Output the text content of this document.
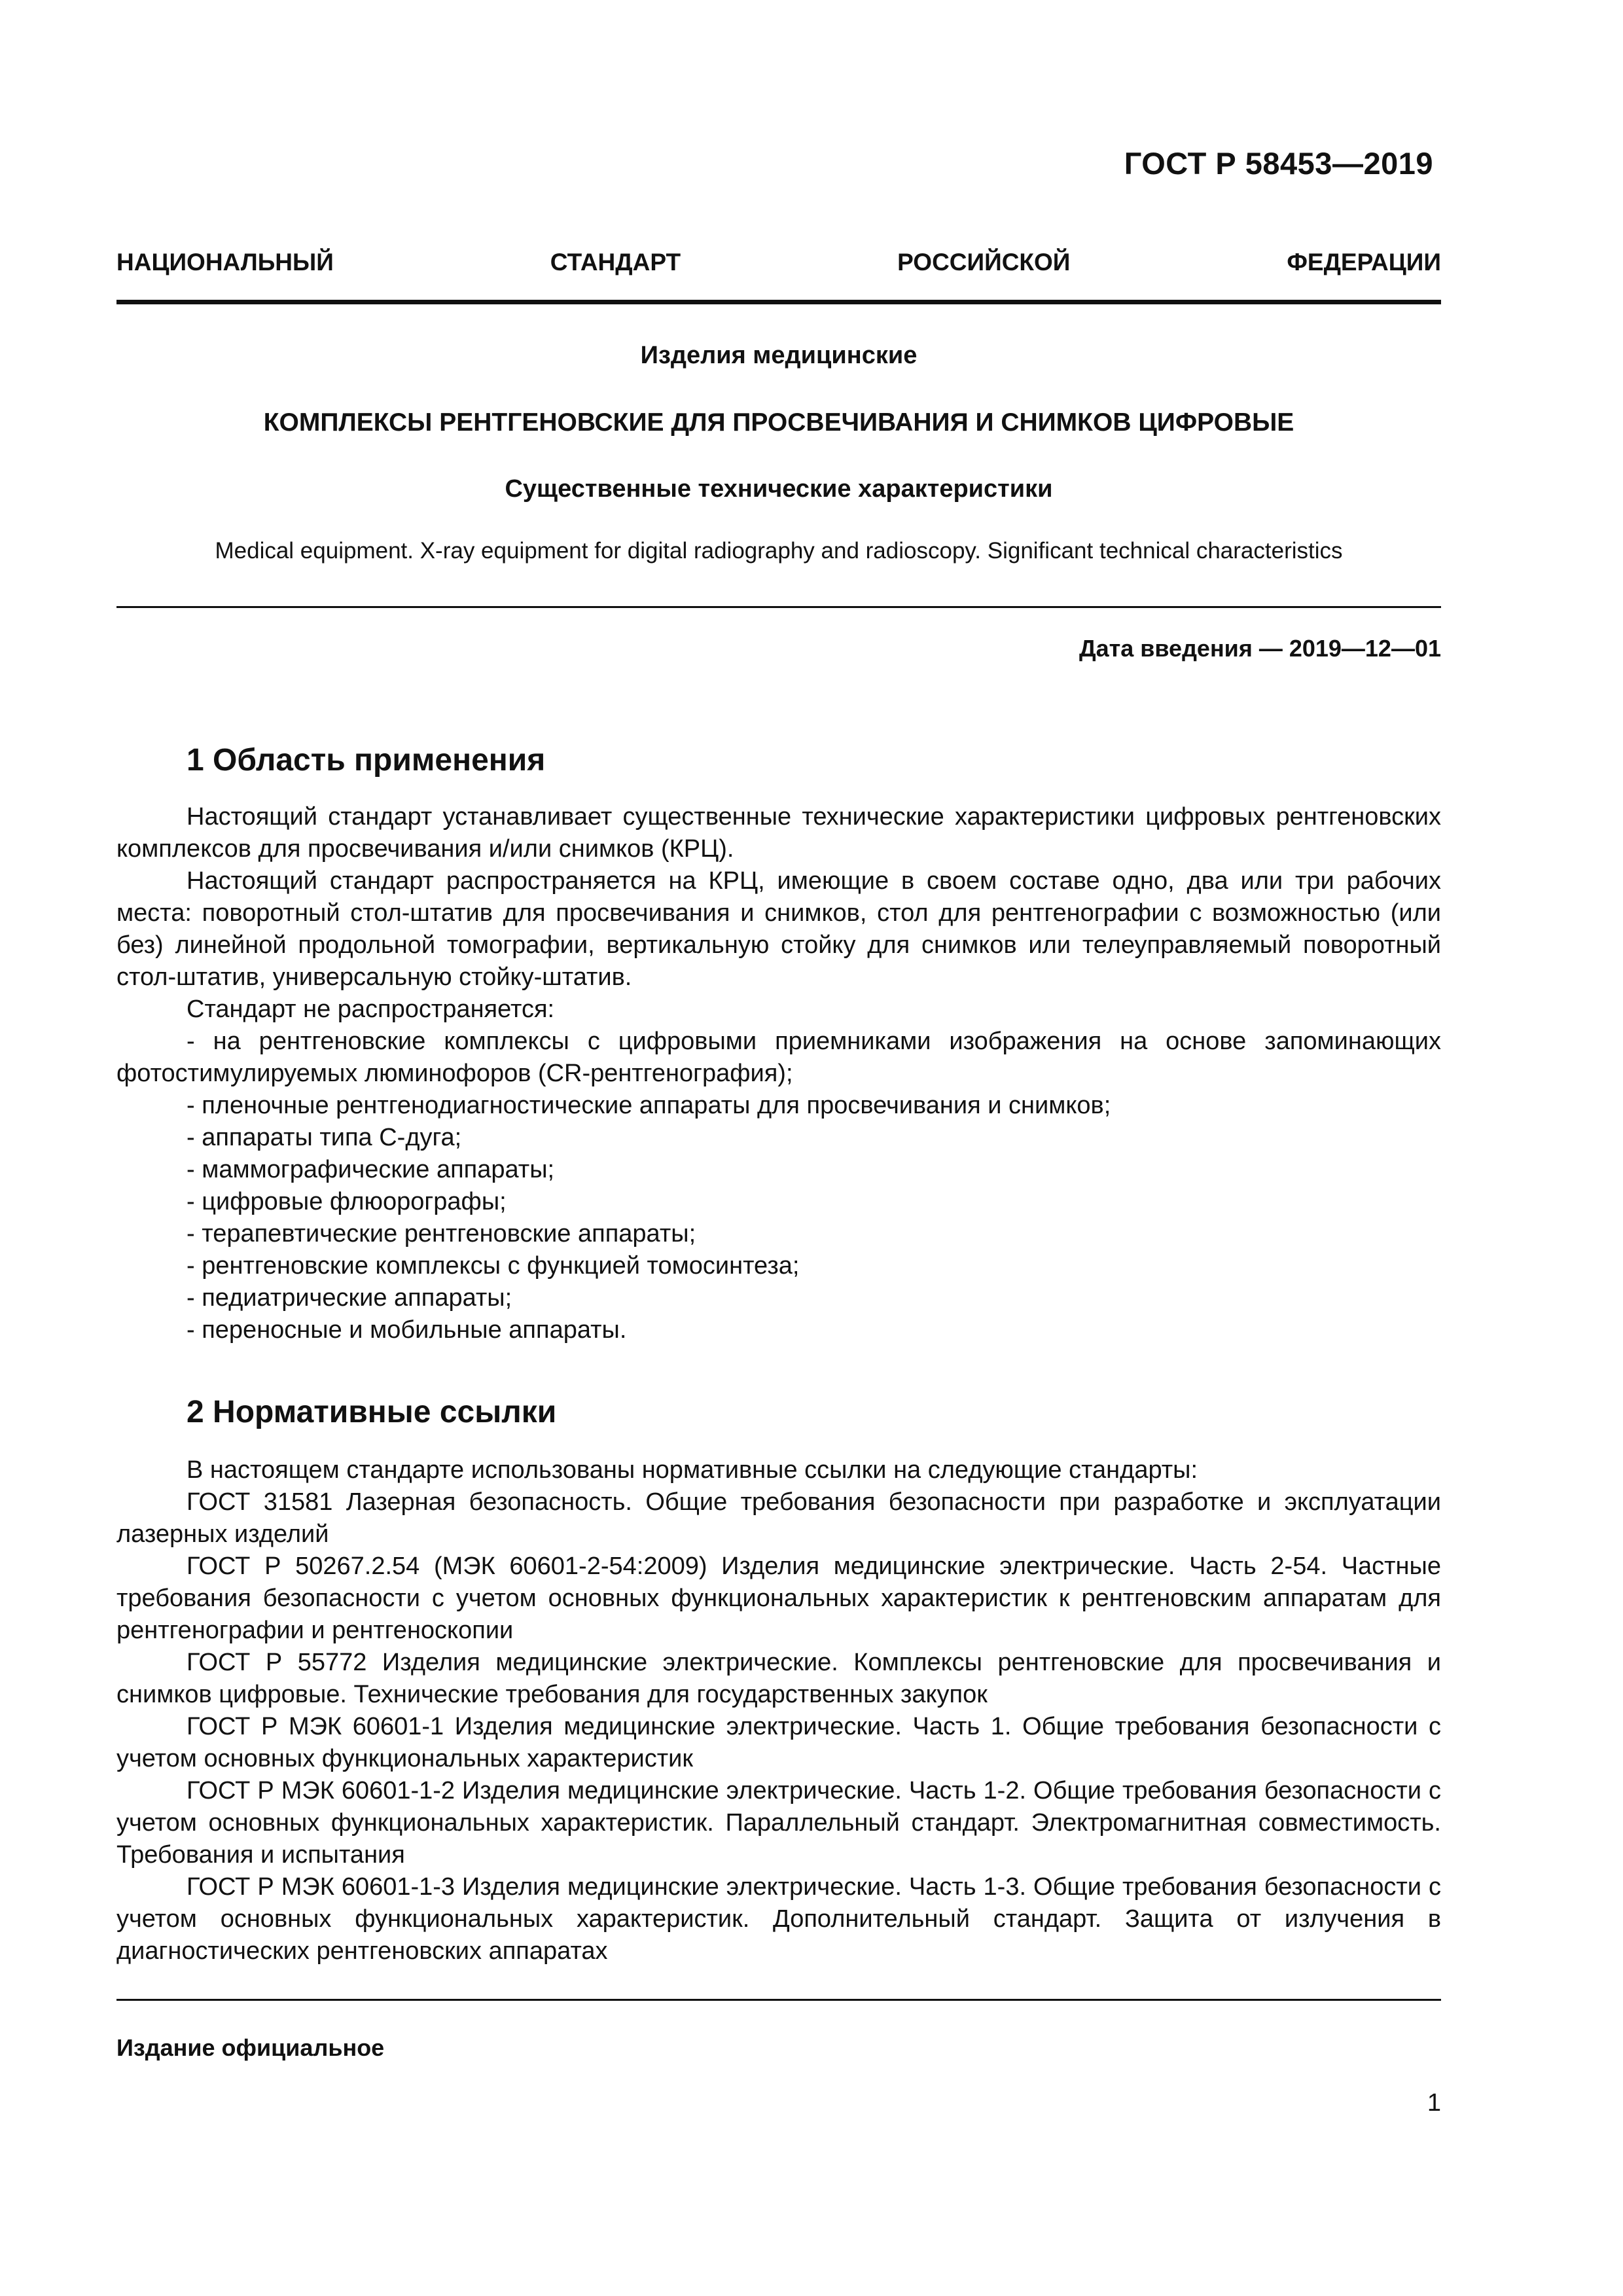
ГОСТ Р 58453—2019
НАЦИОНАЛЬНЫЙ	СТАНДАРТ	РОССИЙСКОЙ	ФЕДЕРАЦИИ
Изделия медицинские
КОМПЛЕКСЫ РЕНТГЕНОВСКИЕ ДЛЯ ПРОСВЕЧИВАНИЯ И СНИМКОВ ЦИФРОВЫЕ
Существенные технические характеристики
Medical equipment. X-ray equipment for digital radiography and radioscopy. Significant technical characteristics
Дата введения — 2019—12—01
1 Область применения

Настоящий стандарт устанавливает существенные технические характеристики цифровых рентгеновских комплексов для просвечивания и/или снимков (КРЦ).

Настоящий стандарт распространяется на КРЦ, имеющие в своем составе одно, два или три рабочих места: поворотный стол-штатив для просвечивания и снимков, стол для рентгенографии с возможностью (или без) линейной продольной томографии, вертикальную стойку для снимков или телеуправляемый поворотный стол-штатив, универсальную стойку-штатив.

Стандарт не распространяется:

- на рентгеновские комплексы с цифровыми приемниками изображения на основе запоминающих фотостимулируемых люминофоров (CR-рентгенография);

- пленочные рентгенодиагностические аппараты для просвечивания и снимков;

- аппараты типа С-дуга;

- маммографические аппараты;

- цифровые флюорографы;

- терапевтические рентгеновские аппараты;

- рентгеновские комплексы с функцией томосинтеза;

- педиатрические аппараты;

- переносные и мобильные аппараты.

2 Нормативные ссылки

В настоящем стандарте использованы нормативные ссылки на следующие стандарты:

ГОСТ 31581 Лазерная безопасность. Общие требования безопасности при разработке и эксплуатации лазерных изделий

ГОСТ Р 50267.2.54 (МЭК 60601-2-54:2009) Изделия медицинские электрические. Часть 2-54. Частные требования безопасности с учетом основных функциональных характеристик к рентгеновским аппаратам для рентгенографии и рентгеноскопии

ГОСТ Р 55772 Изделия медицинские электрические. Комплексы рентгеновские для просвечивания и снимков цифровые. Технические требования для государственных закупок

ГОСТ Р МЭК 60601-1 Изделия медицинские электрические. Часть 1. Общие требования безопасности с учетом основных функциональных характеристик

ГОСТ Р МЭК 60601-1-2 Изделия медицинские электрические. Часть 1-2. Общие требования безопасности с учетом основных функциональных характеристик. Параллельный стандарт. Электромагнитная совместимость. Требования и испытания

ГОСТ Р МЭК 60601-1-3 Изделия медицинские электрические. Часть 1-3. Общие требования безопасности с учетом основных функциональных характеристик. Дополнительный стандарт. Защита от излучения в диагностических рентгеновских аппаратах

Издание официальное
1
